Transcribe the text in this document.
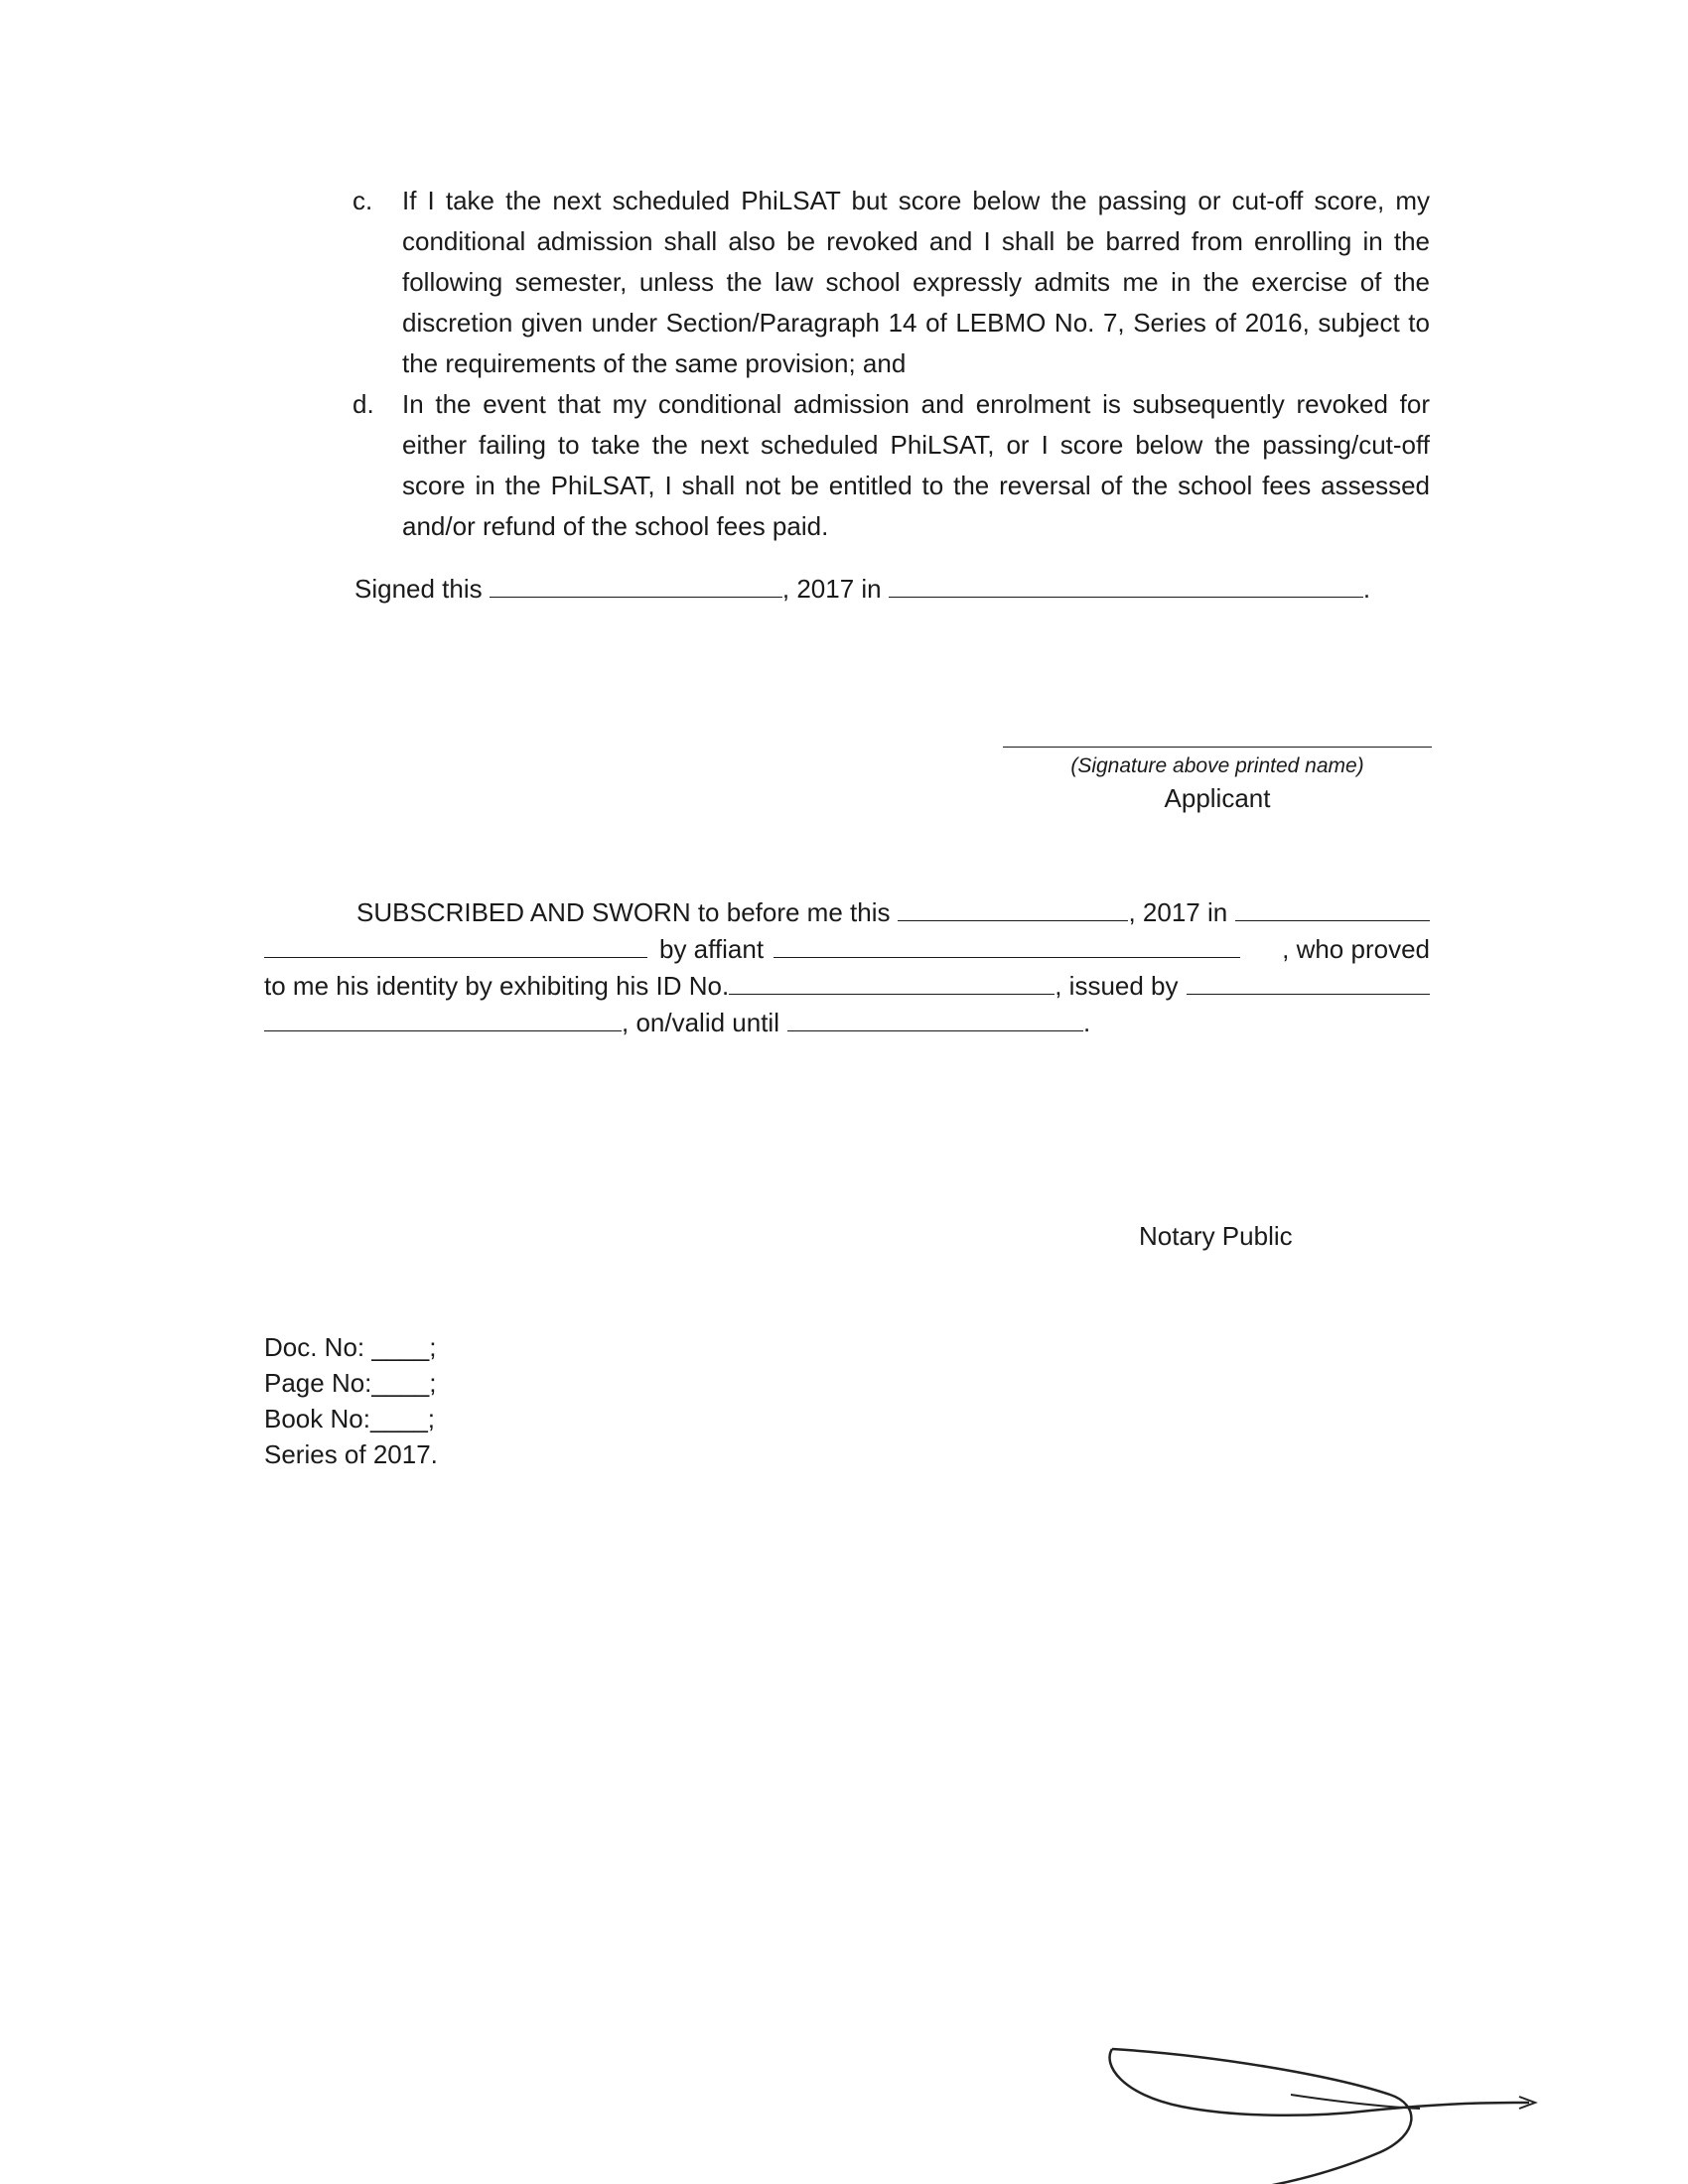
c. If I take the next scheduled PhiLSAT but score below the passing or cut-off score, my conditional admission shall also be revoked and I shall be barred from enrolling in the following semester, unless the law school expressly admits me in the exercise of the discretion given under Section/Paragraph 14 of LEBMO No. 7, Series of 2016, subject to the requirements of the same provision; and
d. In the event that my conditional admission and enrolment is subsequently revoked for either failing to take the next scheduled PhiLSAT, or I score below the passing/cut-off score in the PhiLSAT, I shall not be entitled to the reversal of the school fees assessed and/or refund of the school fees paid.
Signed this	, 2017 in	.
(Signature above printed name)
Applicant
SUBSCRIBED AND SWORN to before me this	, 2017 in
by affiant	, who proved
to me his identity by exhibiting his ID No.	, issued by
, on/valid until	.
Notary Public
Doc. No: ____;
Page No:____;
Book No:____;
Series of 2017.
